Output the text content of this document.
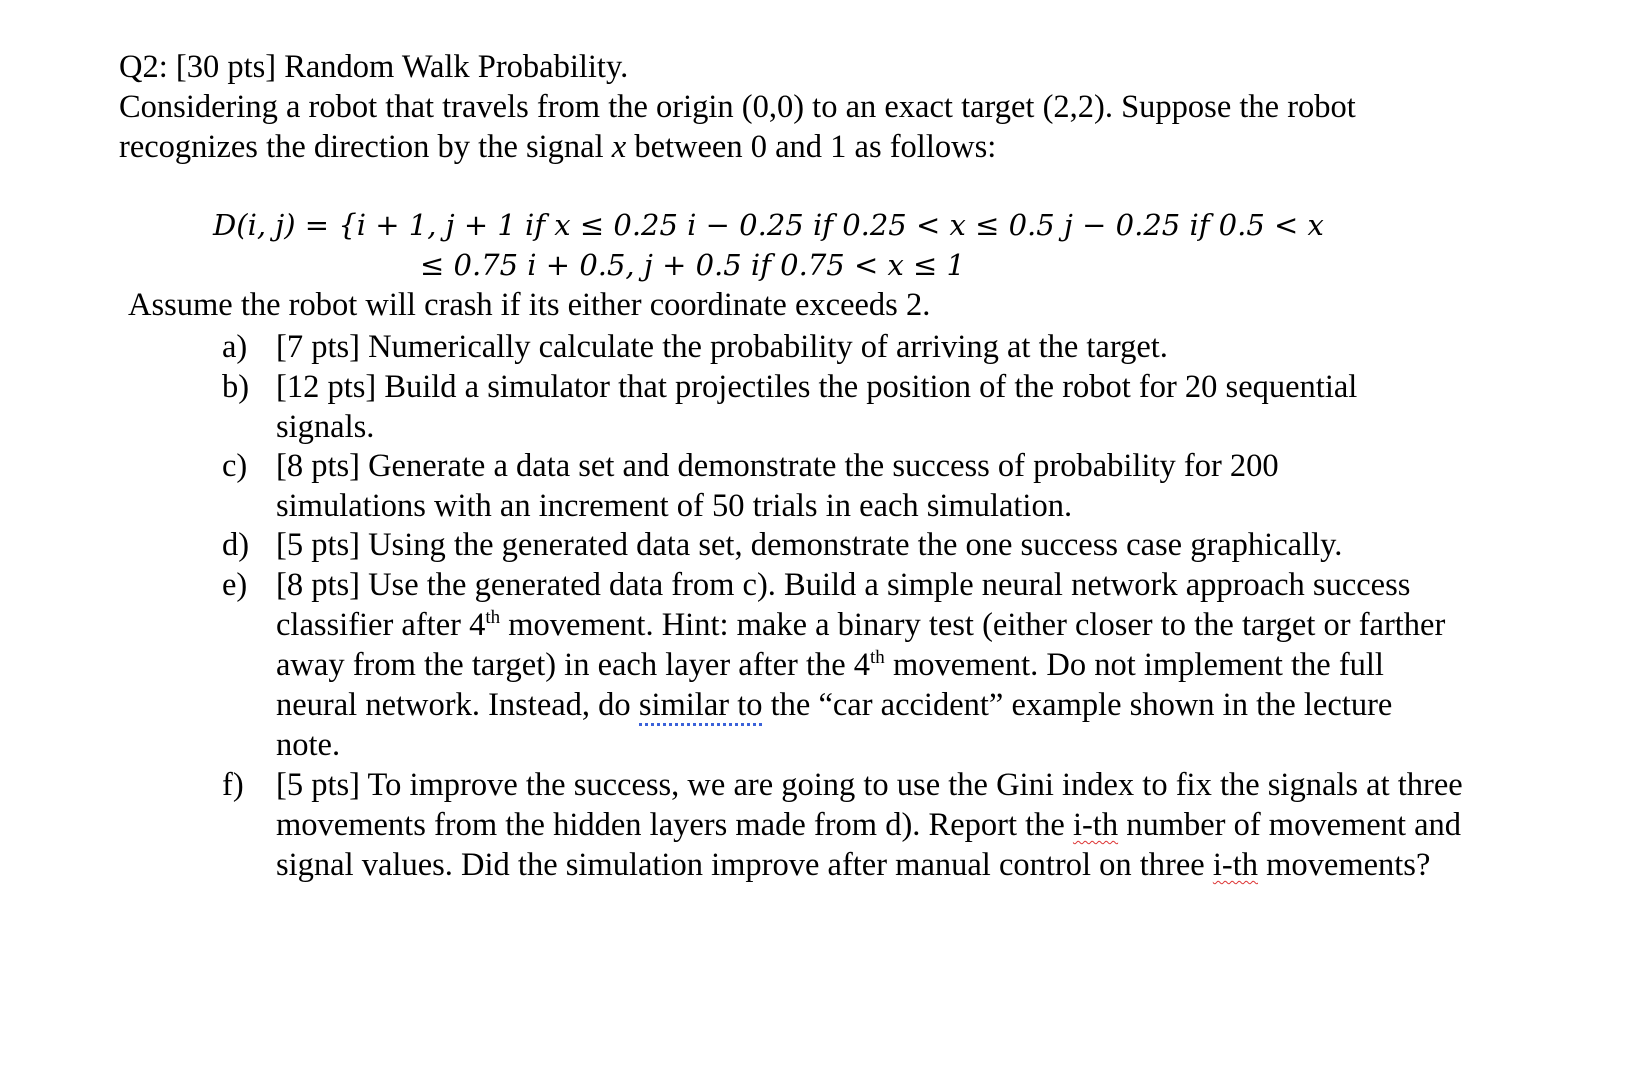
Q2: [30 pts] Random Walk Probability.
Considering a robot that travels from the origin (0,0) to an exact target (2,2). Suppose the robot
recognizes the direction by the signal x between 0 and 1 as follows:
D(i, j) = {i + 1, j + 1 if x ≤ 0.25 i − 0.25 if 0.25 < x ≤ 0.5 j − 0.25 if 0.5 < x
≤ 0.75 i + 0.5, j + 0.5 if 0.75 < x ≤ 1
Assume the robot will crash if its either coordinate exceeds 2.
a) [7 pts] Numerically calculate the probability of arriving at the target.
b) [12 pts] Build a simulator that projectiles the position of the robot for 20 sequential signals.
c) [8 pts] Generate a data set and demonstrate the success of probability for 200 simulations with an increment of 50 trials in each simulation.
d) [5 pts] Using the generated data set, demonstrate the one success case graphically.
e) [8 pts] Use the generated data from c). Build a simple neural network approach success classifier after 4th movement. Hint: make a binary test (either closer to the target or farther away from the target) in each layer after the 4th movement. Do not implement the full neural network. Instead, do similar to the “car accident” example shown in the lecture note.
f) [5 pts] To improve the success, we are going to use the Gini index to fix the signals at three movements from the hidden layers made from d). Report the i-th number of movement and signal values. Did the simulation improve after manual control on three i-th movements?
